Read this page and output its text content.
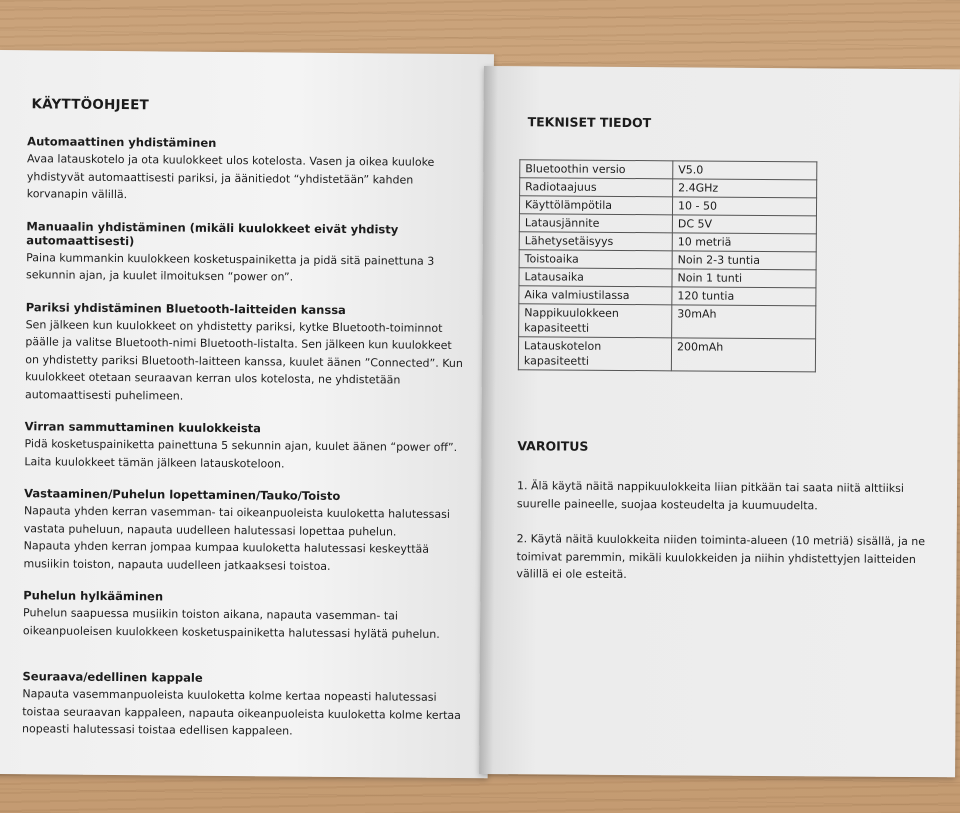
KÄYTTÖOHJEET
Automaattinen yhdistäminen

Avaa latauskotelo ja ota kuulokkeet ulos kotelosta. Vasen ja oikea kuuloke yhdistyvät automaattisesti pariksi, ja äänitiedot “yhdistetään” kahden korvanapin välillä.

Manuaalin yhdistäminen (mikäli kuulokkeet eivät yhdisty automaattisesti)

Paina kummankin kuulokkeen kosketuspainiketta ja pidä sitä painettuna 3 sekunnin ajan, ja kuulet ilmoituksen “power on”.

Pariksi yhdistäminen Bluetooth-laitteiden kanssa

Sen jälkeen kun kuulokkeet on yhdistetty pariksi, kytke Bluetooth-toiminnot päälle ja valitse Bluetooth-nimi Bluetooth-listalta. Sen jälkeen kun kuulokkeet on yhdistetty pariksi Bluetooth-laitteen kanssa, kuulet äänen ”Connected”. Kun kuulokkeet otetaan seuraavan kerran ulos kotelosta, ne yhdistetään automaattisesti puhelimeen.

Virran sammuttaminen kuulokkeista

Pidä kosketuspainiketta painettuna 5 sekunnin ajan, kuulet äänen “power off”. Laita kuulokkeet tämän jälkeen latauskoteloon.

Vastaaminen/Puhelun lopettaminen/Tauko/Toisto

Napauta yhden kerran vasemman- tai oikeanpuoleista kuuloketta halutessasi vastata puheluun, napauta uudelleen halutessasi lopettaa puhelun.

Napauta yhden kerran jompaa kumpaa kuuloketta halutessasi keskeyttää musiikin toiston, napauta uudelleen jatkaaksesi toistoa.

Puhelun hylkääminen

Puhelun saapuessa musiikin toiston aikana, napauta vasemman- tai oikeanpuoleisen kuulokkeen kosketuspainiketta halutessasi hylätä puhelun.

Seuraava/edellinen kappale

Napauta vasemmanpuoleista kuuloketta kolme kertaa nopeasti halutessasi toistaa seuraavan kappaleen, napauta oikeanpuoleista kuuloketta kolme kertaa nopeasti halutessasi toistaa edellisen kappaleen.

TEKNISET TIEDOT
Bluetoothin versio	V5.0
Radiotaajuus	2.4GHz
Käyttölämpötila	10 - 50
Latausjännite	DC 5V
Lähetysetäisyys	10 metriä
Toistoaika	Noin 2-3 tuntia
Latausaika	Noin 1 tunti
Aika valmiustilassa	120 tuntia
Nappikuulokkeen kapasiteetti	30mAh
Latauskotelon kapasiteetti	200mAh
VAROITUS

1. Älä käytä näitä nappikuulokkeita liian pitkään tai saata niitä alttiiksi suurelle paineelle, suojaa kosteudelta ja kuumuudelta.

2. Käytä näitä kuulokkeita niiden toiminta-alueen (10 metriä) sisällä, ja ne toimivat paremmin, mikäli kuulokkeiden ja niihin yhdistettyjen laitteiden välillä ei ole esteitä.
